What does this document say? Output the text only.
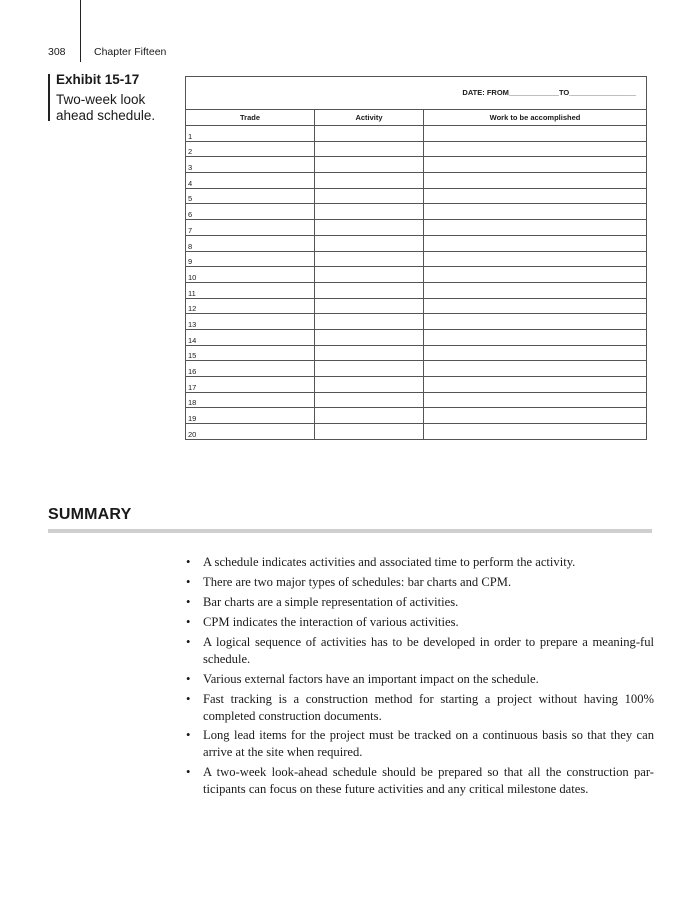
308	Chapter Fifteen
Exhibit 15-17
Two-week look ahead schedule.
DATE: FROM____________TO________________
Trade	Activity	Work to be accomplished
1		
2		
3		
4		
5		
6		
7		
8		
9		
10		
11		
12		
13		
14		
15		
16		
17		
18		
19		
20		
SUMMARY
• A schedule indicates activities and associated time to perform the activity.
• There are two major types of schedules: bar charts and CPM.
• Bar charts are a simple representation of activities.
• CPM indicates the interaction of various activities.
• A logical sequence of activities has to be developed in order to prepare a meaning-ful schedule.
• Various external factors have an important impact on the schedule.
• Fast tracking is a construction method for starting a project without having 100% completed construction documents.
• Long lead items for the project must be tracked on a continuous basis so that they can arrive at the site when required.
• A two-week look-ahead schedule should be prepared so that all the construction par-ticipants can focus on these future activities and any critical milestone dates.
